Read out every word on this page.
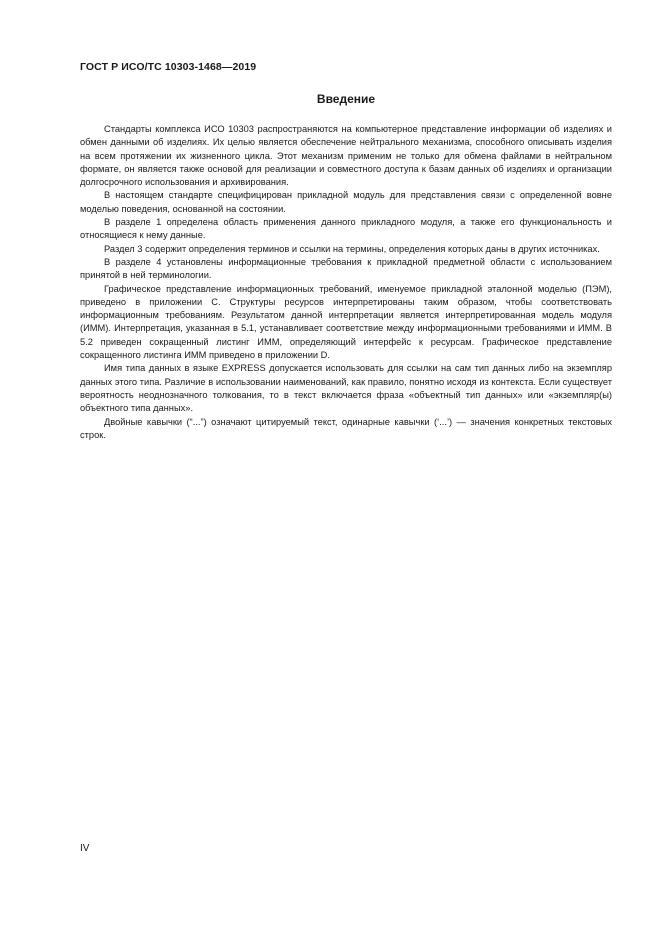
ГОСТ Р ИСО/ТС 10303-1468—2019
Введение

Стандарты комплекса ИСО 10303 распространяются на компьютерное представление информации об изделиях и обмен данными об изделиях. Их целью является обеспечение нейтрального механизма, способного описывать изделия на всем протяжении их жизненного цикла. Этот механизм применим не только для обмена файлами в нейтральном формате, он является также основой для реализации и совместного доступа к базам данных об изделиях и организации долгосрочного использования и архивирования.

В настоящем стандарте специфицирован прикладной модуль для представления связи с определенной вовне моделью поведения, основанной на состоянии.

В разделе 1 определена область применения данного прикладного модуля, а также его функциональность и относящиеся к нему данные.

Раздел 3 содержит определения терминов и ссылки на термины, определения которых даны в других источниках.

В разделе 4 установлены информационные требования к прикладной предметной области с использованием принятой в ней терминологии.

Графическое представление информационных требований, именуемое прикладной эталонной моделью (ПЭМ), приведено в приложении С. Структуры ресурсов интерпретированы таким образом, чтобы соответствовать информационным требованиям. Результатом данной интерпретации является интерпретированная модель модуля (ИММ). Интерпретация, указанная в 5.1, устанавливает соответствие между информационными требованиями и ИММ. В 5.2 приведен сокращенный листинг ИММ, определяющий интерфейс к ресурсам. Графическое представление сокращенного листинга ИММ приведено в приложении D.

Имя типа данных в языке EXPRESS допускается использовать для ссылки на сам тип данных либо на экземпляр данных этого типа. Различие в использовании наименований, как правило, понятно исходя из контекста. Если существует вероятность неоднозначного толкования, то в текст включается фраза «объектный тип данных» или «экземпляр(ы) объектного типа данных».

Двойные кавычки (“...”) означают цитируемый текст, одинарные кавычки (‘...’) — значения конкретных текстовых строк.

IV
